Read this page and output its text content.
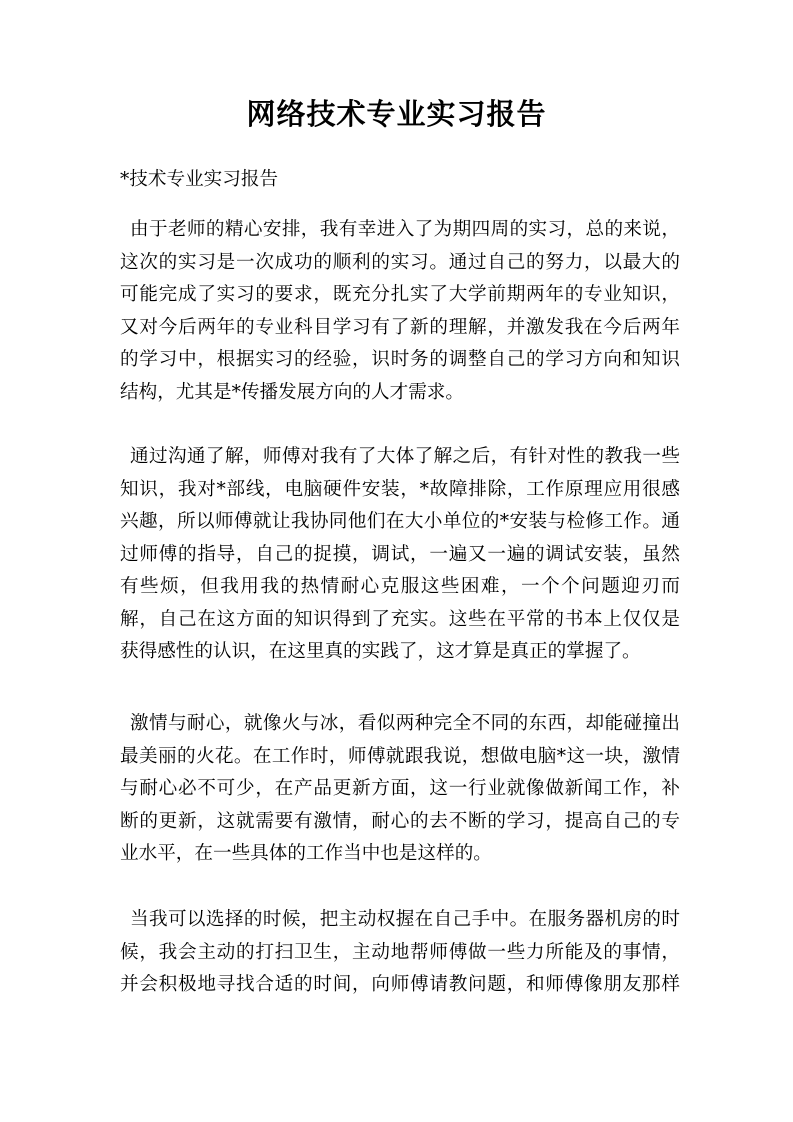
网络技术专业实习报告
*技术专业实习报告
由于老师的精心安排，我有幸进入了为期四周的实习，总的来说，
这次的实习是一次成功的顺利的实习。通过自己的努力，以最大的
可能完成了实习的要求，既充分扎实了大学前期两年的专业知识，
又对今后两年的专业科目学习有了新的理解，并激发我在今后两年
的学习中，根据实习的经验，识时务的调整自己的学习方向和知识
结构，尤其是*传播发展方向的人才需求。
通过沟通了解，师傅对我有了大体了解之后，有针对性的教我一些
知识，我对*部线，电脑硬件安装，*故障排除，工作原理应用很感
兴趣，所以师傅就让我协同他们在大小单位的*安装与检修工作。通
过师傅的指导，自己的捉摸，调试，一遍又一遍的调试安装，虽然
有些烦，但我用我的热情耐心克服这些困难，一个个问题迎刃而
解，自己在这方面的知识得到了充实。这些在平常的书本上仅仅是
获得感性的认识，在这里真的实践了，这才算是真正的掌握了。
激情与耐心，就像火与冰，看似两种完全不同的东西，却能碰撞出
最美丽的火花。在工作时，师傅就跟我说，想做电脑*这一块，激情
与耐心必不可少，在产品更新方面，这一行业就像做新闻工作，补
断的更新，这就需要有激情，耐心的去不断的学习，提高自己的专
业水平，在一些具体的工作当中也是这样的。
当我可以选择的时候，把主动权握在自己手中。在服务器机房的时
候，我会主动的打扫卫生，主动地帮师傅做一些力所能及的事情，
并会积极地寻找合适的时间，向师傅请教问题，和师傅像朋友那样
